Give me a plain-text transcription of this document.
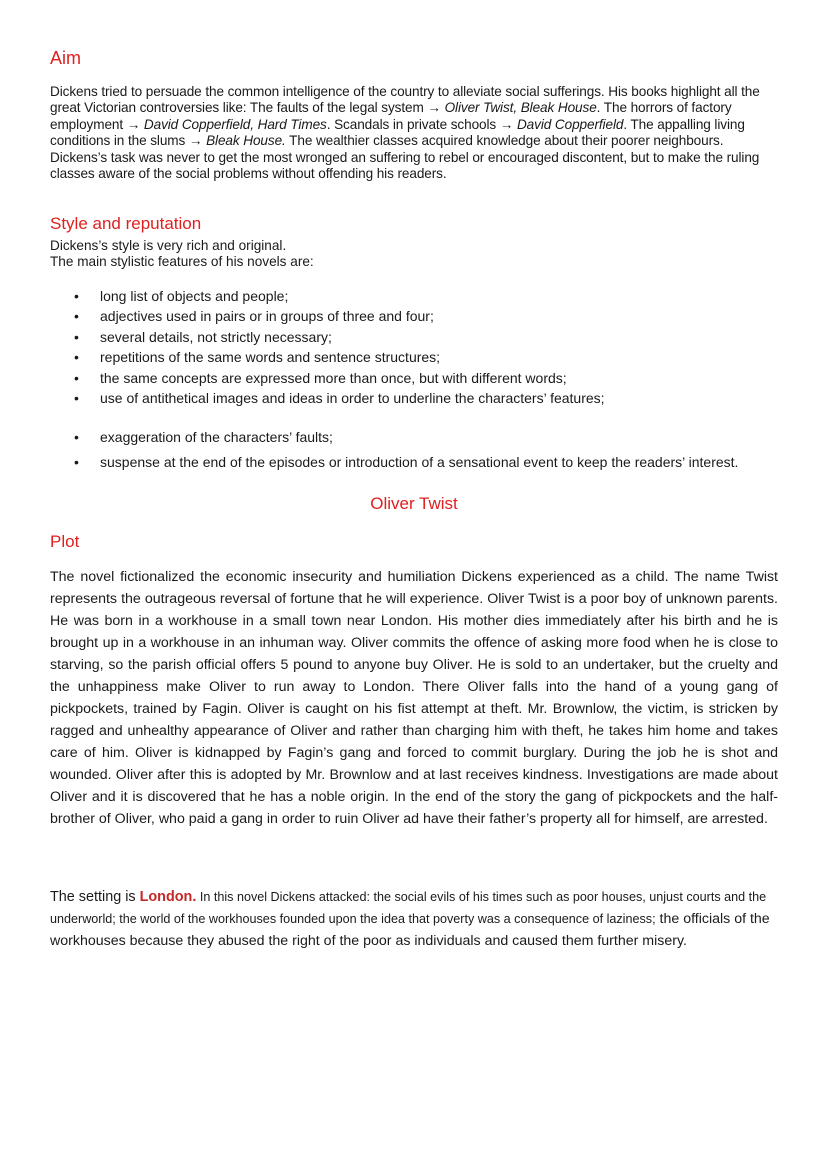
Aim

Dickens tried to persuade the common intelligence of the country to alleviate social sufferings. His books highlight all the great Victorian controversies like: The faults of the legal system → Oliver Twist, Bleak House. The horrors of factory employment → David Copperfield, Hard Times. Scandals in private schools → David Copperfield. The appalling living conditions in the slums → Bleak House. The wealthier classes acquired knowledge about their poorer neighbours. Dickens’s task was never to get the most wronged an suffering to rebel or encouraged discontent, but to make the ruling classes aware of the social problems without offending his readers.

Style and reputation
Dickens’s style is very rich and original.
The main stylistic features of his novels are:
• long list of objects and people;
• adjectives used in pairs or in groups of three and four;
• several details, not strictly necessary;
• repetitions of the same words and sentence structures;
• the same concepts are expressed more than once, but with different words;
• use of antithetical images and ideas in order to underline the characters’ features;
• exaggeration of the characters’ faults;
• suspense at the end of the episodes or introduction of a sensational event to keep the readers’ interest.
Oliver Twist
Plot

The novel fictionalized the economic insecurity and humiliation Dickens experienced as a child. The name Twist represents the outrageous reversal of fortune that he will experience. Oliver Twist is a poor boy of unknown parents. He was born in a workhouse in a small town near London. His mother dies immediately after his birth and he is brought up in a workhouse in an inhuman way. Oliver commits the offence of asking more food when he is close to starving, so the parish official offers 5 pound to anyone buy Oliver. He is sold to an undertaker, but the cruelty and the unhappiness make Oliver to run away to London. There Oliver falls into the hand of a young gang of pickpockets, trained by Fagin. Oliver is caught on his fist attempt at theft. Mr. Brownlow, the victim, is stricken by ragged and unhealthy appearance of Oliver and rather than charging him with theft, he takes him home and takes care of him. Oliver is kidnapped by Fagin’s gang and forced to commit burglary. During the job he is shot and wounded. Oliver after this is adopted by Mr. Brownlow and at last receives kindness. Investigations are made about Oliver and it is discovered that he has a noble origin. In the end of the story the gang of pickpockets and the half-brother of Oliver, who paid a gang in order to ruin Oliver ad have their father’s property all for himself, are arrested.

The setting is London. In this novel Dickens attacked: the social evils of his times such as poor houses, unjust courts and the underworld; the world of the workhouses founded upon the idea that poverty was a consequence of laziness; the officials of the workhouses because they abused the right of the poor as individuals and caused them further misery.
